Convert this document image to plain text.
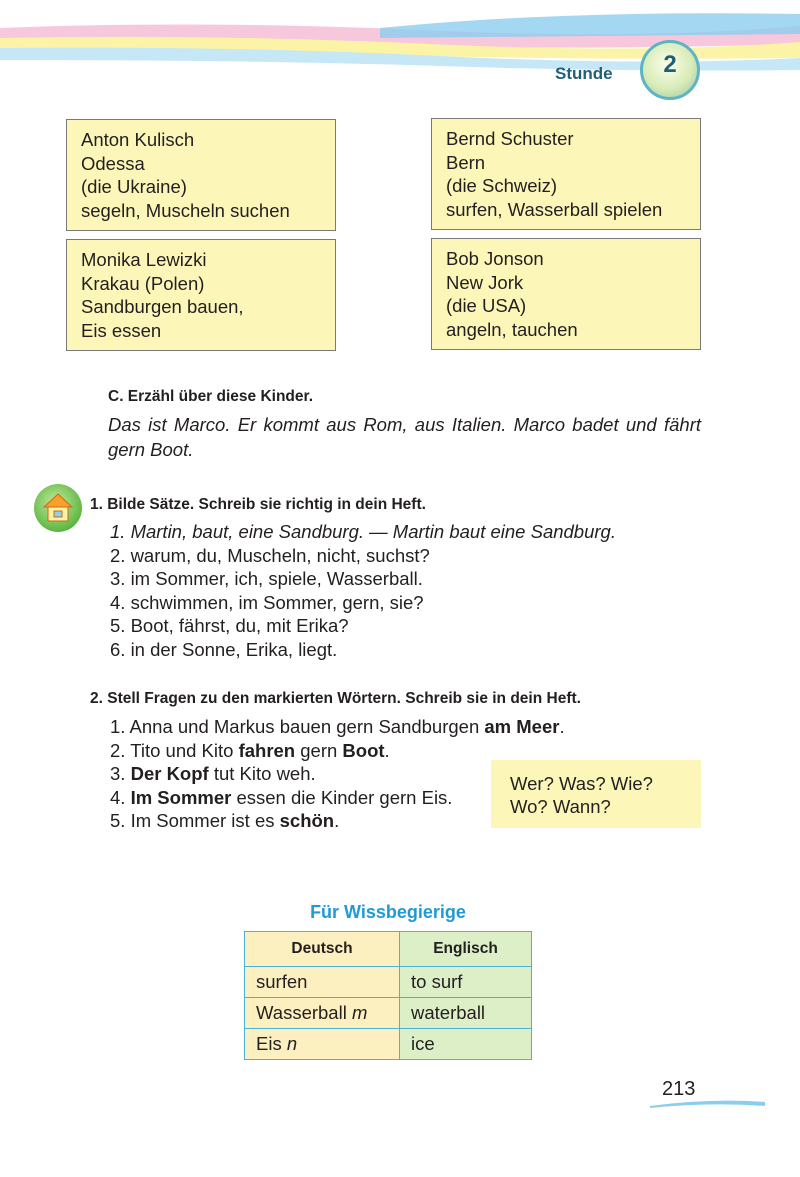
Stunde	2
Anton Kulisch
Odessa
(die Ukraine)
segeln, Muscheln suchen
Bernd Schuster
Bern
(die Schweiz)
surfen, Wasserball spielen
Monika Lewizki
Krakau (Polen)
Sandburgen bauen,
Eis essen
Bob Jonson
New Jork
(die USA)
angeln, tauchen
C. Erzähl über diese Kinder.
Das ist Marco. Er kommt aus Rom, aus Italien. Marco badet und fährt gern Boot.
1. Bilde Sätze. Schreib sie richtig in dein Heft.
1. Martin, baut, eine Sandburg. — Martin baut eine Sandburg.
2. warum, du, Muscheln, nicht, suchst?
3. im Sommer, ich, spiele, Wasserball.
4. schwimmen, im Sommer, gern, sie?
5. Boot, fährst, du, mit Erika?
6. in der Sonne, Erika, liegt.
2. Stell Fragen zu den markierten Wörtern. Schreib sie in dein Heft.
1. Anna und Markus bauen gern Sandburgen am Meer.
2. Tito und Kito fahren gern Boot.
3. Der Kopf tut Kito weh.
4. Im Sommer essen die Kinder gern Eis.
5. Im Sommer ist es schön.
Wer? Was? Wie?
Wo? Wann?
Für Wissbegierige
Deutsch	Englisch
surfen	to surf
Wasserball m	waterball
Eis n	ice
213
